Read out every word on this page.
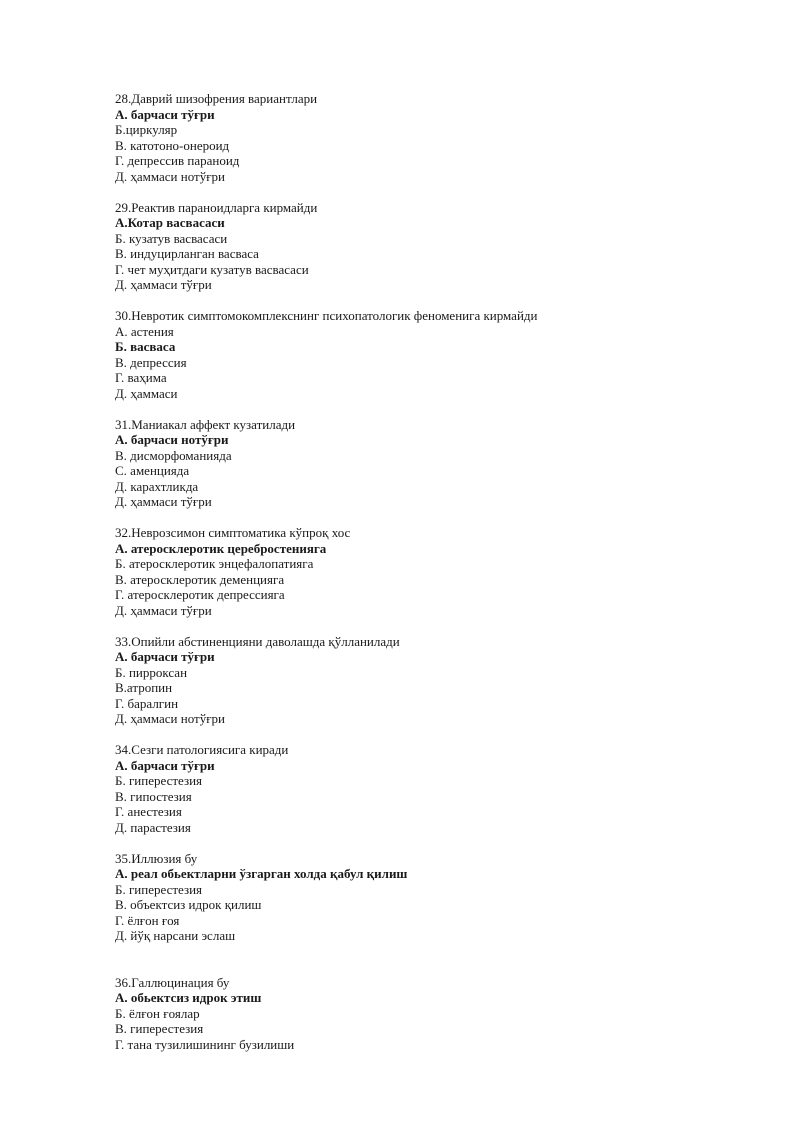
28.Даврий шизофрения вариантлари
А. барчаси тўғри
Б.циркуляр
В. катотоно-онероид
Г. депрессив параноид
Д. ҳаммаси нотўғри
29.Реактив параноидларга кирмайди
А.Котар васвасаси
Б. кузатув васвасаси
В. индуцирланган васваса
Г. чет муҳитдаги кузатув васвасаси
Д. ҳаммаси тўғри
30.Невротик симптомокомплекснинг психопатологик феноменига кирмайди
А. астения
Б. васваса
В. депрессия
Г. ваҳима
Д. ҳаммаси
31.Маниакал аффект кузатилади
А. барчаси нотўғри
В. дисморфоманияда
С. аменцияда
Д. карахтликда
Д. ҳаммаси тўғри
32.Неврозсимон симптоматика кўпроқ хос
А. атеросклеротик церебростенияга
Б. атеросклеротик энцефалопатияга
В. атеросклеротик деменцияга
Г. атеросклеротик депрессияга
Д. ҳаммаси тўғри
33.Опийли абстиненцияни даволашда қўлланилади
А. барчаси тўғри
Б. пирроксан
В.атропин
Г. баралгин
Д. ҳаммаси нотўғри
34.Сезги патологиясига киради
А. барчаси тўғри
Б. гиперестезия
В. гипостезия
Г. анестезия
Д. парастезия
35.Иллюзия бу
А. реал обьектларни ўзгарган холда қабул қилиш
Б. гиперестезия
В. объектсиз идрок қилиш
Г. ёлғон ғоя
Д. йўқ нарсани эслаш
36.Галлюцинация бу
А. обьектсиз идрок этиш
Б. ёлғон ғоялар
В. гиперестезия
Г. тана тузилишининг бузилиши
